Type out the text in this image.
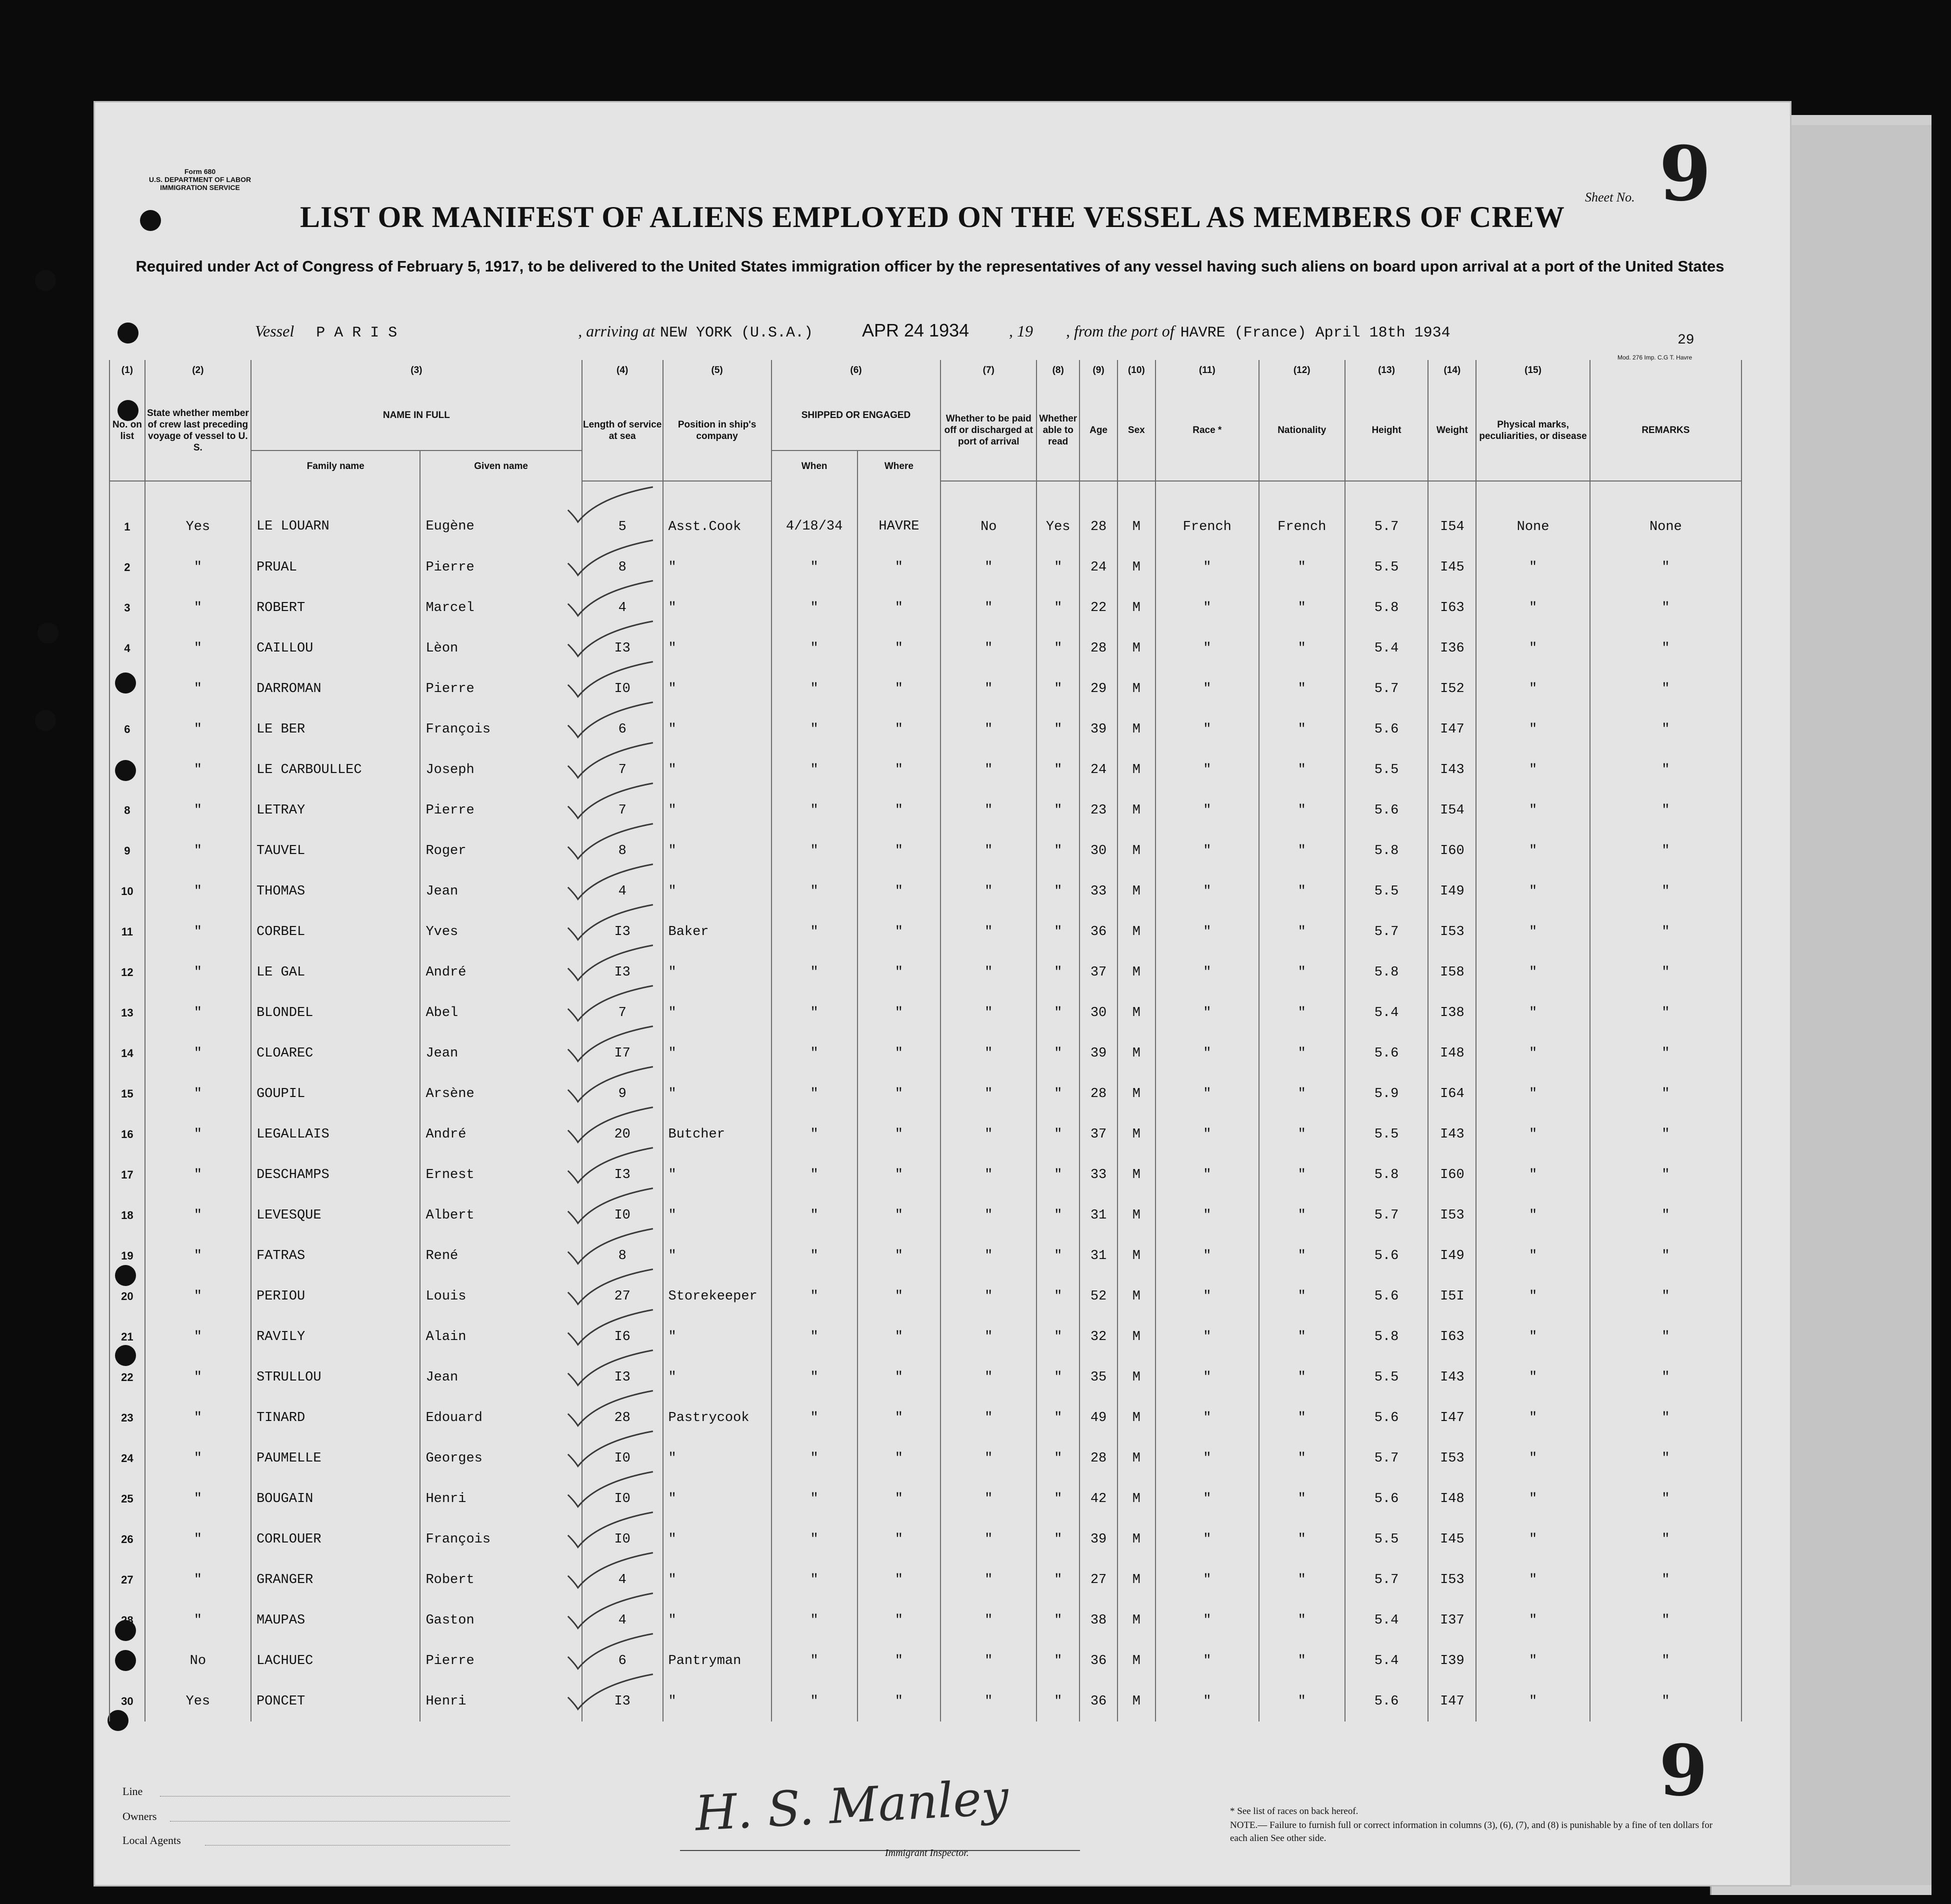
Form 680
U.S. DEPARTMENT OF LABOR
IMMIGRATION SERVICE
Sheet No. 9
LIST OR MANIFEST OF ALIENS EMPLOYED ON THE VESSEL AS MEMBERS OF CREW
Required under Act of Congress of February 5, 1917, to be delivered to the United States immigration officer by the representatives of any vessel having such aliens on board upon arrival at a port of the United States
Vessel P A R I S	, arriving at NEW YORK (U.S.A.)	APR 24 1934 , 19 , from the port of HAVRE (France) April 18th 1934
Mod. 276 Imp. C.G T. Havre
29
(1)	(2)	(3)		(4)	(5)	(6)		(7)	(8)	(9)	(10)	(11)	(12)	(13)	(14)	(15)	
No. on list	State whether member of crew last preceding voyage of vessel to U. S.	NAME IN FULL		Length of service at sea	Position in ship's company	SHIPPED OR ENGAGED		Whether to be paid off or discharged at port of arrival	Whether able to read	Age	Sex	Race *	Nationality	Height	Weight	Physical marks, peculiarities, or disease	REMARKS
		Family name	Given name			When	Where										
1	Yes	LE LOUARN	Eugène	5	Asst.Cook	4/18/34	HAVRE	No	Yes	28	M	French	French	5.7	I54	None	None
2	"	PRUAL	Pierre	8	"	"	"	"	"	24	M	"	"	5.5	I45	"	"
3	"	ROBERT	Marcel	4	"	"	"	"	"	22	M	"	"	5.8	I63	"	"
4	"	CAILLOU	Lèon	I3	"	"	"	"	"	28	M	"	"	5.4	I36	"	"
5	"	DARROMAN	Pierre	I0	"	"	"	"	"	29	M	"	"	5.7	I52	"	"
6	"	LE BER	François	6	"	"	"	"	"	39	M	"	"	5.6	I47	"	"
7	"	LE CARBOULLEC	Joseph	7	"	"	"	"	"	24	M	"	"	5.5	I43	"	"
8	"	LETRAY	Pierre	7	"	"	"	"	"	23	M	"	"	5.6	I54	"	"
9	"	TAUVEL	Roger	8	"	"	"	"	"	30	M	"	"	5.8	I60	"	"
10	"	THOMAS	Jean	4	"	"	"	"	"	33	M	"	"	5.5	I49	"	"
11	"	CORBEL	Yves	I3	Baker	"	"	"	"	36	M	"	"	5.7	I53	"	"
12	"	LE GAL	André	I3	"	"	"	"	"	37	M	"	"	5.8	I58	"	"
13	"	BLONDEL	Abel	7	"	"	"	"	"	30	M	"	"	5.4	I38	"	"
14	"	CLOAREC	Jean	I7	"	"	"	"	"	39	M	"	"	5.6	I48	"	"
15	"	GOUPIL	Arsène	9	"	"	"	"	"	28	M	"	"	5.9	I64	"	"
16	"	LEGALLAIS	André	20	Butcher	"	"	"	"	37	M	"	"	5.5	I43	"	"
17	"	DESCHAMPS	Ernest	I3	"	"	"	"	"	33	M	"	"	5.8	I60	"	"
18	"	LEVESQUE	Albert	I0	"	"	"	"	"	31	M	"	"	5.7	I53	"	"
19	"	FATRAS	René	8	"	"	"	"	"	31	M	"	"	5.6	I49	"	"
20	"	PERIOU	Louis	27	Storekeeper	"	"	"	"	52	M	"	"	5.6	I5I	"	"
21	"	RAVILY	Alain	I6	"	"	"	"	"	32	M	"	"	5.8	I63	"	"
22	"	STRULLOU	Jean	I3	"	"	"	"	"	35	M	"	"	5.5	I43	"	"
23	"	TINARD	Edouard	28	Pastrycook	"	"	"	"	49	M	"	"	5.6	I47	"	"
24	"	PAUMELLE	Georges	I0	"	"	"	"	"	28	M	"	"	5.7	I53	"	"
25	"	BOUGAIN	Henri	I0	"	"	"	"	"	42	M	"	"	5.6	I48	"	"
26	"	CORLOUER	François	I0	"	"	"	"	"	39	M	"	"	5.5	I45	"	"
27	"	GRANGER	Robert	4	"	"	"	"	"	27	M	"	"	5.7	I53	"	"
28	"	MAUPAS	Gaston	4	"	"	"	"	"	38	M	"	"	5.4	I37	"	"
29	No	LACHUEC	Pierre	6	Pantryman	"	"	"	"	36	M	"	"	5.4	I39	"	"
30	Yes	PONCET	Henri	I3	"	"	"	"	"	36	M	"	"	5.6	I47	"	"
Line
Owners
Local Agents	H. S. Manley
Immigrant Inspector.
9
* See list of races on back hereof.
NOTE.— Failure to furnish full or correct information in columns (3), (6), (7), and (8) is punishable by a fine of ten dollars for each alien See other side.
